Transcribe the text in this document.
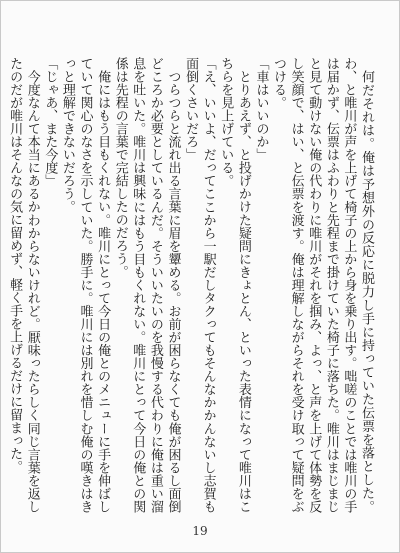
何だそれは。俺は予想外の反応に脱力し手に持っていた伝票を落とした。わ、と唯川が声を上げて椅子の上から身を乗り出す。咄嗟のことでは唯川の手は届かず、伝票はふわりと先程まで掛けていた椅子に落ちた。唯川はまじまじと見て動けない俺の代わりに唯川がそれを掴み、よっ、と声を上げて体勢を反し笑顔で、はい、と伝票を渡す。俺は理解しながらそれを受け取って疑問をぶつける。

「車はいいのか」

とりあえず、と投げかけた疑問にきょとん、といった表情になって唯川はこちらを見上げている。

「え、いいよ、だってここから一駅だしタクってもそんなかかんないし志賀も面倒くさいだろ」

つらつらと流れ出る言葉に眉を顰める。お前が困らなくても俺が困るし面倒どころか必要としているんだ。そういいたいのを我慢する代わりに俺は重い溜息を吐いた。唯川は興味にはもう目もくれない。唯川にとって今日の俺との関係は先程の言葉で完結したのだろう。

俺にはもう目もくれない。唯川にとって今日の俺とのメニューに手を伸ばしていて関心のなさを示していた。勝手に。唯川には別れを惜しむ俺の嘆きはきっと理解できないだろう。

「じゃあ、また今度」

今度なんて本当にあるかわからないけれど。厭味ったらしく同じ言葉を返したのだが唯川はそんなの気に留めず、軽く手を上げるだけに留まった。

19
